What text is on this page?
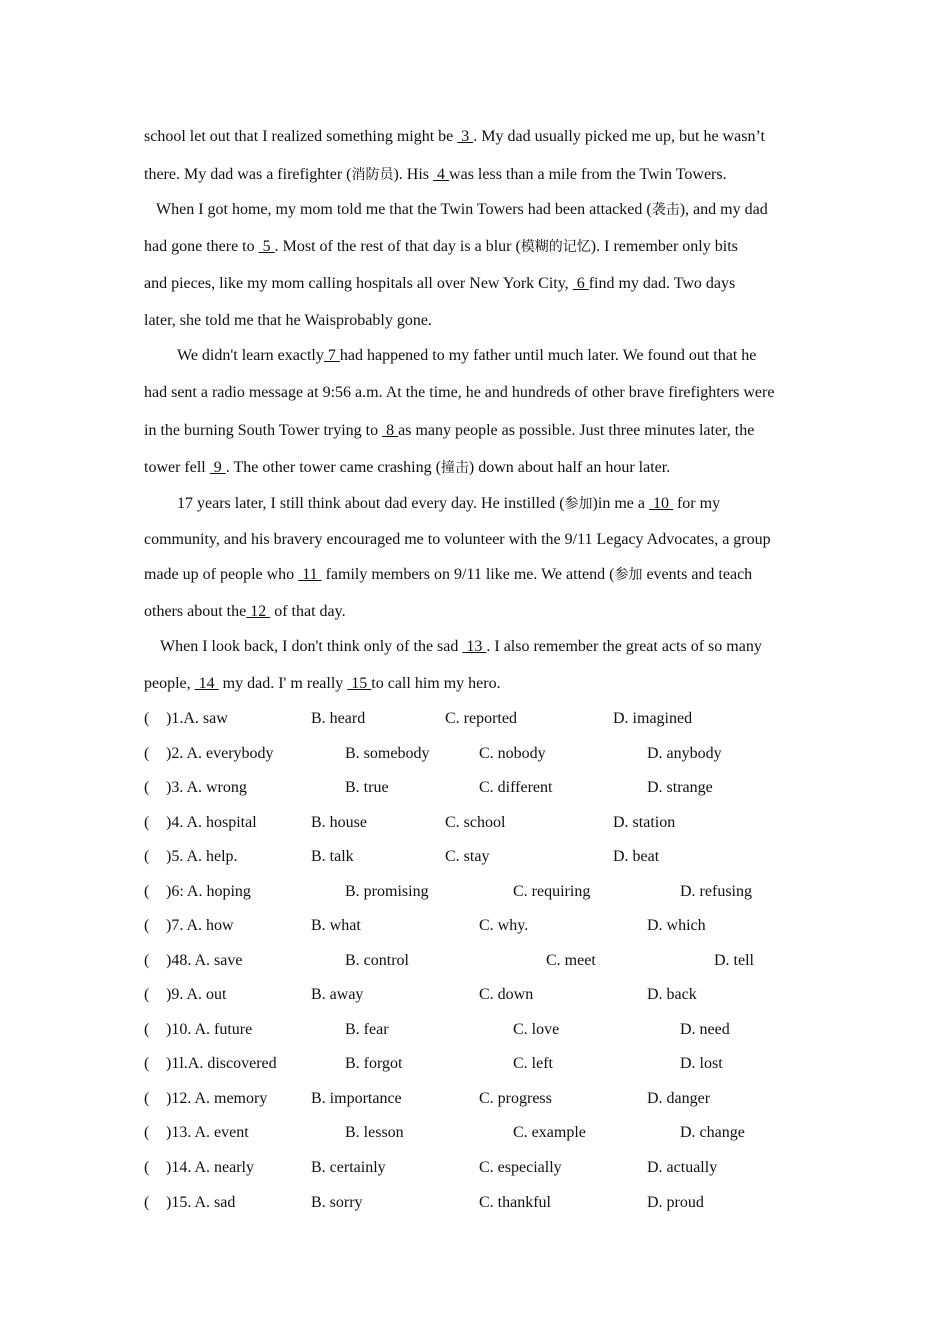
school let out that I realized something might be  3 . My dad usually picked me up, but he wasn’t
there. My dad was a firefighter (消防员). His  4 was less than a mile from the Twin Towers.
When I got home, my mom told me that the Twin Towers had been attacked (袭击), and my dad
had gone there to  5 . Most of the rest of that day is a blur (模糊的记忆). I remember only bits
and pieces, like my mom calling hospitals all over New York City,  6 find my dad. Two days
later, she told me that he Waisprobably gone.
We didn't learn exactly 7 had happened to my father until much later. We found out that he
had sent a radio message at 9:56 a.m. At the time, he and hundreds of other brave firefighters were
in the burning South Tower trying to  8 as many people as possible. Just three minutes later, the
tower fell  9 . The other tower came crashing (撞击) down about half an hour later.
17 years later, I still think about dad every day. He instilled (参加)in me a  10  for my
community, and his bravery encouraged me to volunteer with the 9/11 Legacy Advocates, a group
made up of people who  11  family members on 9/11 like me. We attend (参加 events and teach
others about the 12  of that day.
When I look back, I don't think only of the sad  13 . I also remember the great acts of so many
people,  14  my dad. I' m really  15 to call him my hero.
( )1.A. saw	B. heard	C. reported	D. imagined
( )2. A. everybody	B. somebody	C. nobody	D. anybody
( )3. A. wrong	B. true	C. different	D. strange
( )4. A. hospital	B. house	C. school	D. station
( )5. A. help.	B. talk	C. stay	D. beat
( )6: A. hoping	B. promising	C. requiring	D. refusing
( )7. A. how	B. what	C. why.	D. which
( )48. A. save	B. control	C. meet	D. tell
( )9. A. out	B. away	C. down	D. back
( )10. A. future	B. fear	C. love	D. need
( )1l.A. discovered	B. forgot	C. left	D. lost
( )12. A. memory	B. importance	C. progress	D. danger
( )13. A. event	B. lesson	C. example	D. change
( )14. A. nearly	B. certainly	C. especially	D. actually
( )15. A. sad	B. sorry	C. thankful	D. proud
